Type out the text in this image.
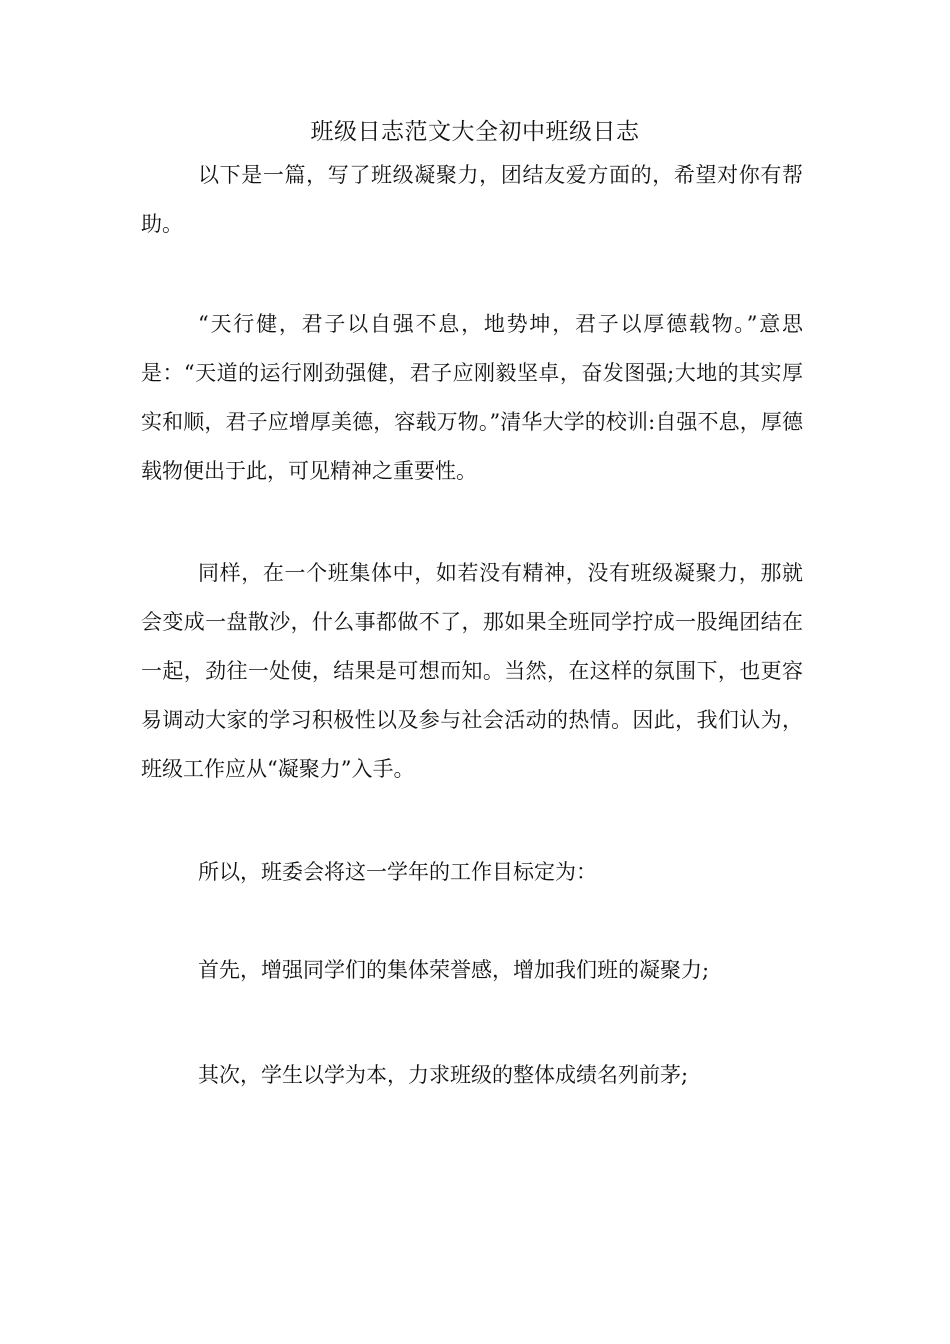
班级日志范文大全初中班级日志

以下是一篇，写了班级凝聚力，团结友爱方面的，希望对你有帮助。

“天行健，君子以自强不息，地势坤，君子以厚德载物。”意思是：“天道的运行刚劲强健，君子应刚毅坚卓，奋发图强;大地的其实厚实和顺，君子应增厚美德，容载万物。”清华大学的校训:自强不息，厚德载物便出于此，可见精神之重要性。

同样，在一个班集体中，如若没有精神，没有班级凝聚力，那就会变成一盘散沙，什么事都做不了，那如果全班同学拧成一股绳团结在一起，劲往一处使，结果是可想而知。当然，在这样的氛围下，也更容易调动大家的学习积极性以及参与社会活动的热情。因此，我们认为，班级工作应从“凝聚力”入手。

所以，班委会将这一学年的工作目标定为：

首先，增强同学们的集体荣誉感，增加我们班的凝聚力;

其次，学生以学为本，力求班级的整体成绩名列前茅;
